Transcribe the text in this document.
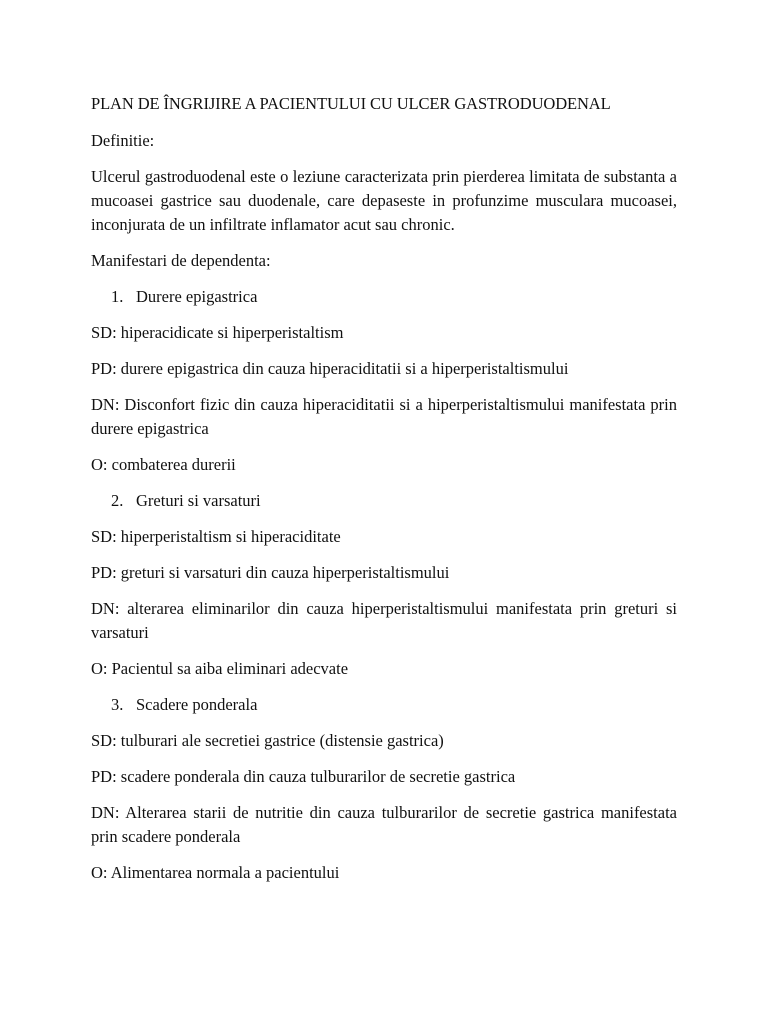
PLAN DE ÎNGRIJIRE A PACIENTULUI CU ULCER GASTRODUODENAL

Definitie:

Ulcerul gastroduodenal este o leziune caracterizata prin pierderea limitata de substanta a mucoasei gastrice sau duodenale, care depaseste in profunzime musculara mucoasei, inconjurata de un infiltrate inflamator acut sau chronic.

Manifestari de dependenta:

1. Durere epigastrica

SD: hiperacidicate si hiperperistaltism

PD: durere epigastrica din cauza hiperaciditatii si a hiperperistaltismului

DN: Disconfort fizic din cauza hiperaciditatii si a hiperperistaltismului manifestata prin durere epigastrica

O: combaterea durerii

2. Greturi si varsaturi

SD: hiperperistaltism si hiperaciditate

PD: greturi si varsaturi din cauza hiperperistaltismului

DN: alterarea eliminarilor din cauza hiperperistaltismului manifestata prin greturi si varsaturi

O: Pacientul sa aiba eliminari adecvate

3. Scadere ponderala

SD: tulburari ale secretiei gastrice (distensie gastrica)

PD: scadere ponderala din cauza tulburarilor de secretie gastrica

DN: Alterarea starii de nutritie din cauza tulburarilor de secretie gastrica manifestata prin scadere ponderala

O: Alimentarea normala a pacientului
